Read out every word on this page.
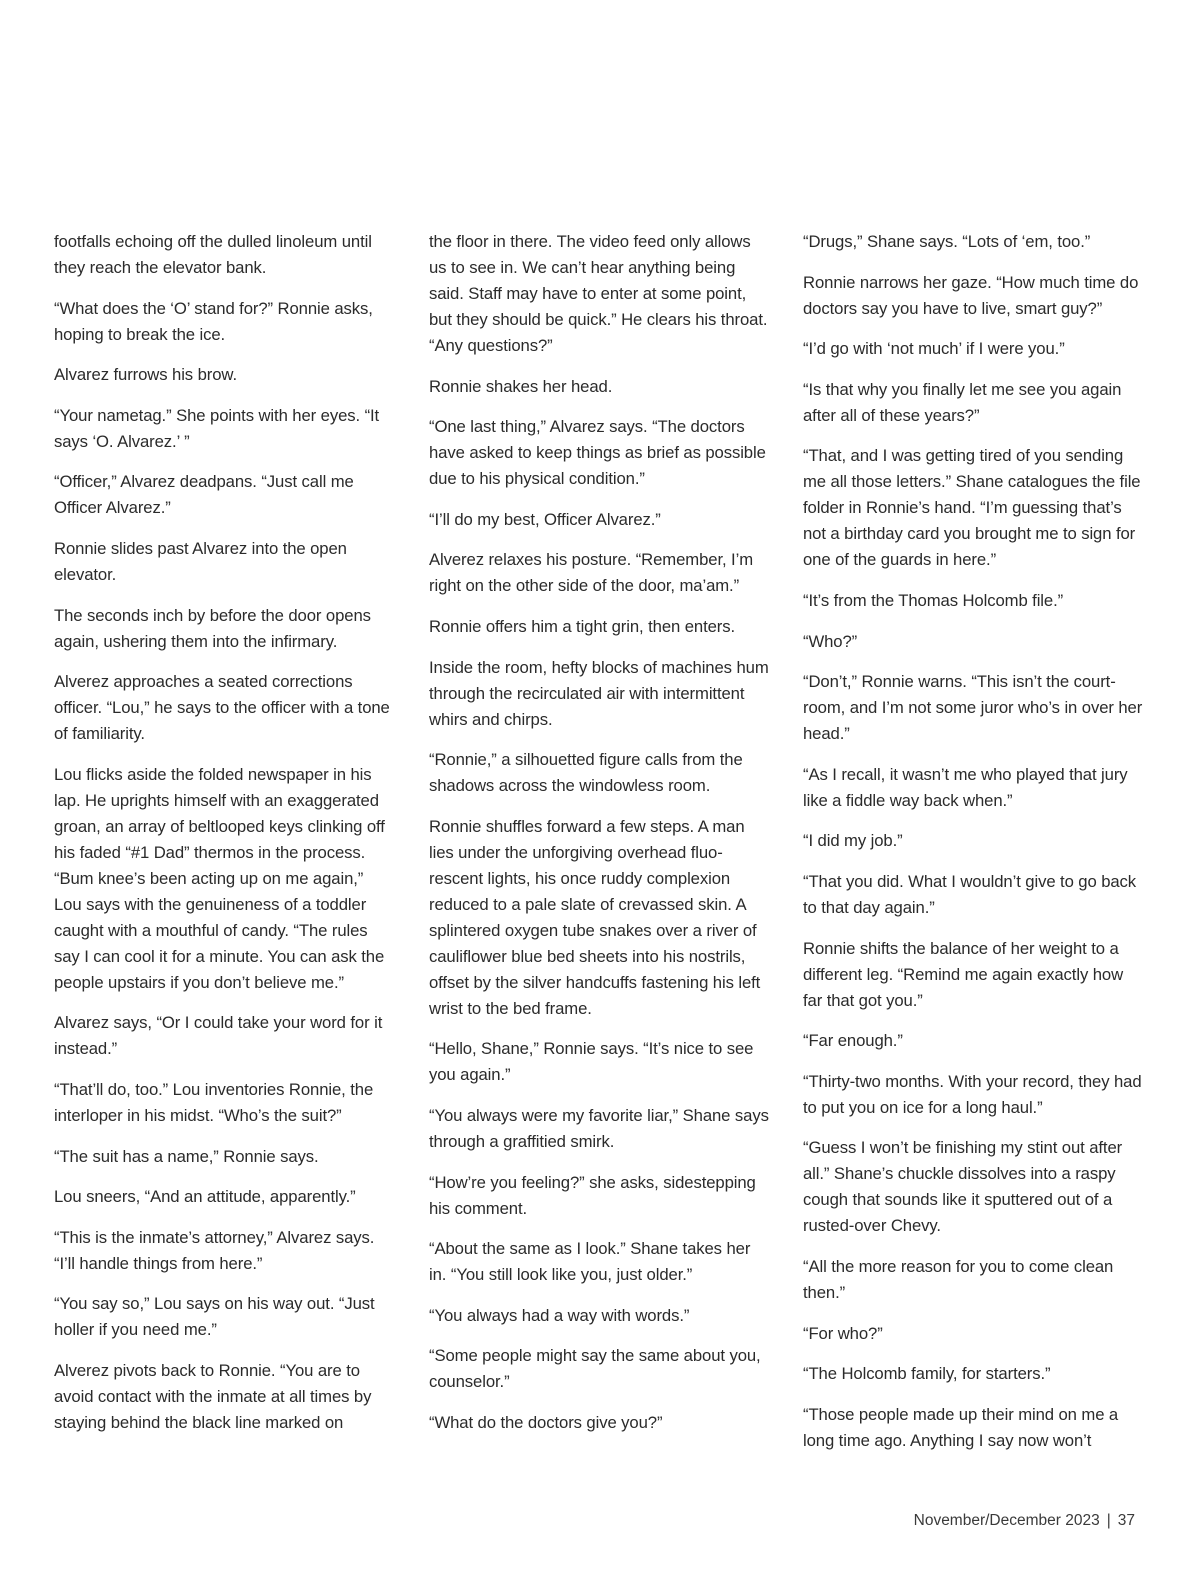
footfalls echoing off the dulled linoleum until they reach the elevator bank.

“What does the ‘O’ stand for?” Ronnie asks, hoping to break the ice.

Alvarez furrows his brow.

“Your nametag.” She points with her eyes. “It says ‘O. Alvarez.’ ”

“Officer,” Alvarez deadpans. “Just call me Officer Alvarez.”

Ronnie slides past Alvarez into the open elevator.

The seconds inch by before the door opens again, ushering them into the infirmary.

Alverez approaches a seated corrections officer. “Lou,” he says to the officer with a tone of familiarity.

Lou flicks aside the folded newspaper in his lap. He uprights himself with an exaggerated groan, an array of beltlooped keys clinking off his faded “#1 Dad” thermos in the process. “Bum knee’s been acting up on me again,” Lou says with the genuineness of a toddler caught with a mouthful of candy. “The rules say I can cool it for a minute. You can ask the people upstairs if you don’t believe me.”

Alvarez says, “Or I could take your word for it instead.”

“That’ll do, too.” Lou inventories Ronnie, the interloper in his midst. “Who’s the suit?”

“The suit has a name,” Ronnie says.

Lou sneers, “And an attitude, apparently.”

“This is the inmate’s attorney,” Alvarez says. “I’ll handle things from here.”

“You say so,” Lou says on his way out. “Just holler if you need me.”

Alverez pivots back to Ronnie. “You are to avoid contact with the inmate at all times by staying behind the black line marked on

the floor in there. The video feed only allows us to see in. We can’t hear anything being said. Staff may have to enter at some point, but they should be quick.” He clears his throat. “Any questions?”

Ronnie shakes her head.

“One last thing,” Alvarez says. “The doctors have asked to keep things as brief as possible due to his physical condition.”

“I’ll do my best, Officer Alvarez.”

Alverez relaxes his posture. “Remember, I’m right on the other side of the door, ma’am.”

Ronnie offers him a tight grin, then enters.

Inside the room, hefty blocks of machines hum through the recirculated air with intermittent whirs and chirps.

“Ronnie,” a silhouetted figure calls from the shadows across the windowless room.

Ronnie shuffles forward a few steps. A man lies under the unforgiving overhead fluorescent lights, his once ruddy complexion reduced to a pale slate of crevassed skin. A splintered oxygen tube snakes over a river of cauliflower blue bed sheets into his nostrils, offset by the silver handcuffs fastening his left wrist to the bed frame.

“Hello, Shane,” Ronnie says. “It’s nice to see you again.”

“You always were my favorite liar,” Shane says through a graffitied smirk.

“How’re you feeling?” she asks, sidestepping his comment.

“About the same as I look.” Shane takes her in. “You still look like you, just older.”

“You always had a way with words.”

“Some people might say the same about you, counselor.”

“What do the doctors give you?”

“Drugs,” Shane says. “Lots of ‘em, too.”

Ronnie narrows her gaze. “How much time do doctors say you have to live, smart guy?”

“I’d go with ‘not much’ if I were you.”

“Is that why you finally let me see you again after all of these years?”

“That, and I was getting tired of you sending me all those letters.” Shane catalogues the file folder in Ronnie’s hand. “I’m guessing that’s not a birthday card you brought me to sign for one of the guards in here.”

“It’s from the Thomas Holcomb file.”

“Who?”

“Don’t,” Ronnie warns. “This isn’t the courtroom, and I’m not some juror who’s in over her head.”

“As I recall, it wasn’t me who played that jury like a fiddle way back when.”

“I did my job.”

“That you did. What I wouldn’t give to go back to that day again.”

Ronnie shifts the balance of her weight to a different leg. “Remind me again exactly how far that got you.”

“Far enough.”

“Thirty-two months. With your record, they had to put you on ice for a long haul.”

“Guess I won’t be finishing my stint out after all.” Shane’s chuckle dissolves into a raspy cough that sounds like it sputtered out of a rusted-over Chevy.

“All the more reason for you to come clean then.”

“For who?”

“The Holcomb family, for starters.”

“Those people made up their mind on me a long time ago. Anything I say now won’t

November/December 2023 | 37
